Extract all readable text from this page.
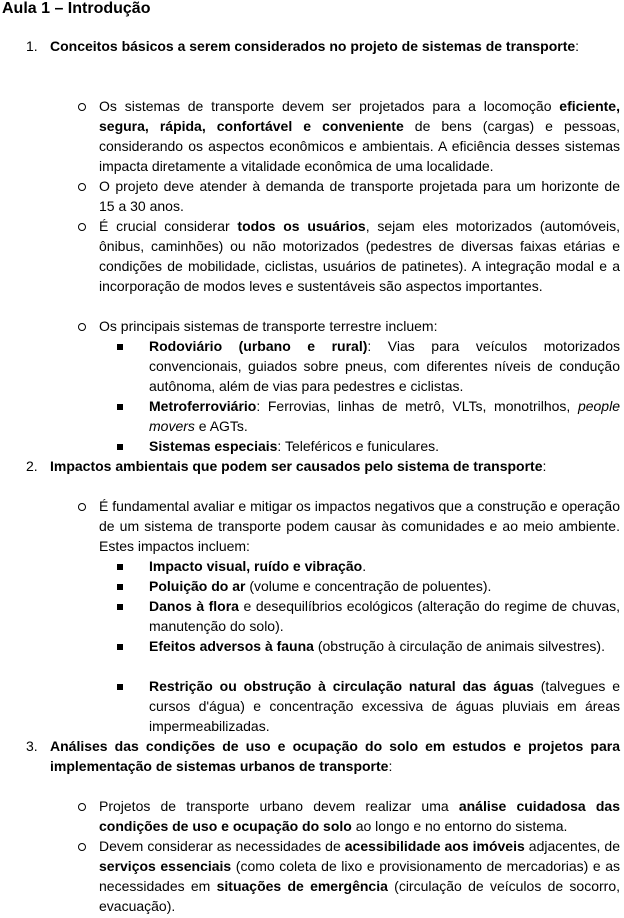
Aula 1 – Introdução
1. Conceitos básicos a serem considerados no projeto de sistemas de transporte:

Os sistemas de transporte devem ser projetados para a locomoção eficiente, segura, rápida, confortável e conveniente de bens (cargas) e pessoas, considerando os aspectos econômicos e ambientais. A eficiência desses sistemas impacta diretamente a vitalidade econômica de uma localidade.

O projeto deve atender à demanda de transporte projetada para um horizonte de 15 a 30 anos.

É crucial considerar todos os usuários, sejam eles motorizados (automóveis, ônibus, caminhões) ou não motorizados (pedestres de diversas faixas etárias e condições de mobilidade, ciclistas, usuários de patinetes). A integração modal e a incorporação de modos leves e sustentáveis são aspectos importantes.

Os principais sistemas de transporte terrestre incluem:

Rodoviário (urbano e rural): Vias para veículos motorizados convencionais, guiados sobre pneus, com diferentes níveis de condução autônoma, além de vias para pedestres e ciclistas.

Metroferroviário: Ferrovias, linhas de metrô, VLTs, monotrilhos, people movers e AGTs.

Sistemas especiais: Teleféricos e funiculares.

2. Impactos ambientais que podem ser causados pelo sistema de transporte:

É fundamental avaliar e mitigar os impactos negativos que a construção e operação de um sistema de transporte podem causar às comunidades e ao meio ambiente. Estes impactos incluem:

Impacto visual, ruído e vibração.

Poluição do ar (volume e concentração de poluentes).

Danos à flora e desequilíbrios ecológicos (alteração do regime de chuvas, manutenção do solo).

Efeitos adversos à fauna (obstrução à circulação de animais silvestres).

Restrição ou obstrução à circulação natural das águas (talvegues e cursos d'água) e concentração excessiva de águas pluviais em áreas impermeabilizadas.

3. Análises das condições de uso e ocupação do solo em estudos e projetos para implementação de sistemas urbanos de transporte:

Projetos de transporte urbano devem realizar uma análise cuidadosa das condições de uso e ocupação do solo ao longo e no entorno do sistema.

Devem considerar as necessidades de acessibilidade aos imóveis adjacentes, de serviços essenciais (como coleta de lixo e provisionamento de mercadorias) e as necessidades em situações de emergência (circulação de veículos de socorro, evacuação).
